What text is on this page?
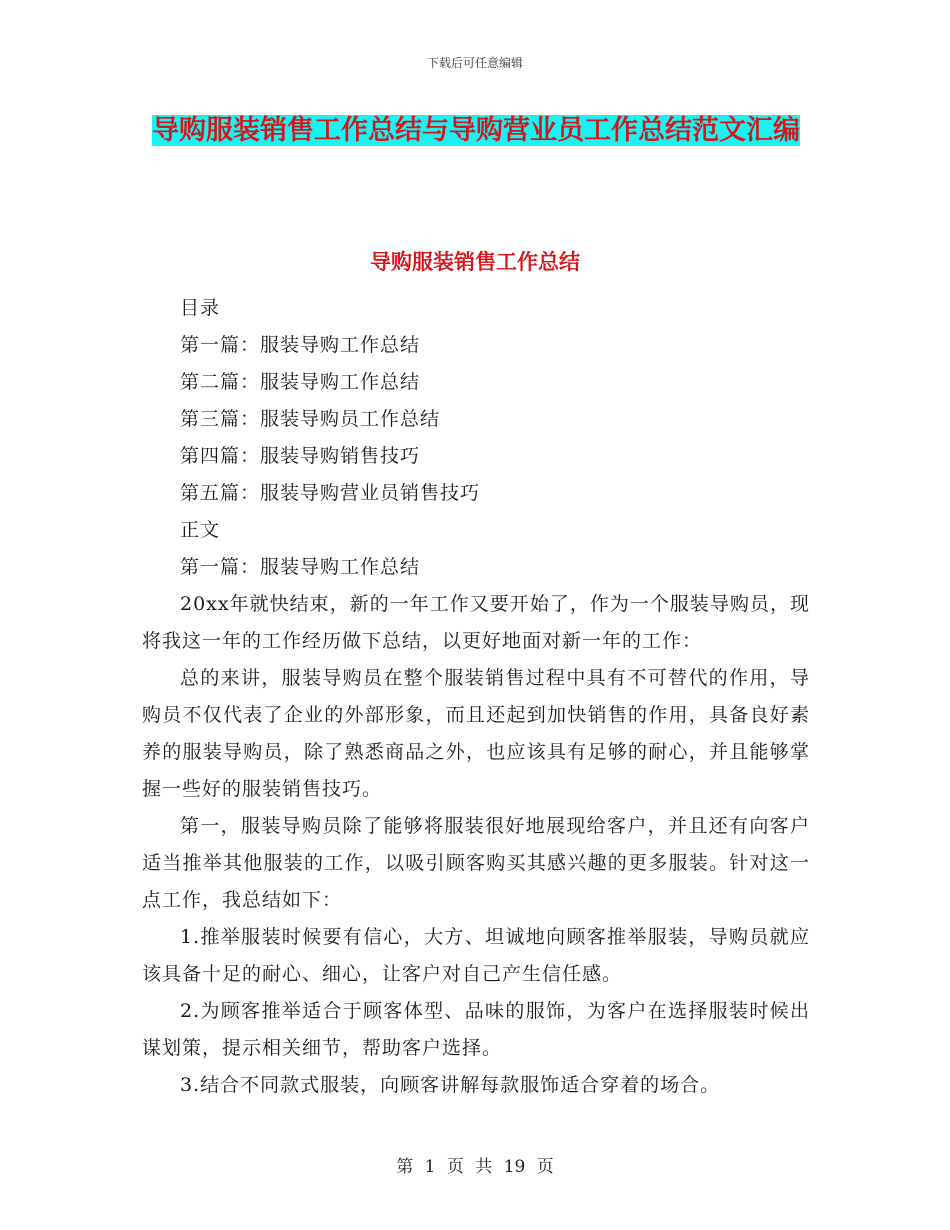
下载后可任意编辑
导购服装销售工作总结与导购营业员工作总结范文汇编
导购服装销售工作总结

目录

第一篇：服装导购工作总结

第二篇：服装导购工作总结

第三篇：服装导购员工作总结

第四篇：服装导购销售技巧

第五篇：服装导购营业员销售技巧

正文

第一篇：服装导购工作总结

20xx年就快结束，新的一年工作又要开始了，作为一个服装导购员，现将我这一年的工作经历做下总结，以更好地面对新一年的工作：

总的来讲，服装导购员在整个服装销售过程中具有不可替代的作用，导购员不仅代表了企业的外部形象，而且还起到加快销售的作用，具备良好素养的服装导购员，除了熟悉商品之外，也应该具有足够的耐心，并且能够掌握一些好的服装销售技巧。

第一，服装导购员除了能够将服装很好地展现给客户，并且还有向客户适当推举其他服装的工作，以吸引顾客购买其感兴趣的更多服装。针对这一点工作，我总结如下：

1.推举服装时候要有信心，大方、坦诚地向顾客推举服装，导购员就应该具备十足的耐心、细心，让客户对自己产生信任感。

2.为顾客推举适合于顾客体型、品味的服饰，为客户在选择服装时候出谋划策，提示相关细节，帮助客户选择。

3.结合不同款式服装，向顾客讲解每款服饰适合穿着的场合。

第 1 页 共 19 页
